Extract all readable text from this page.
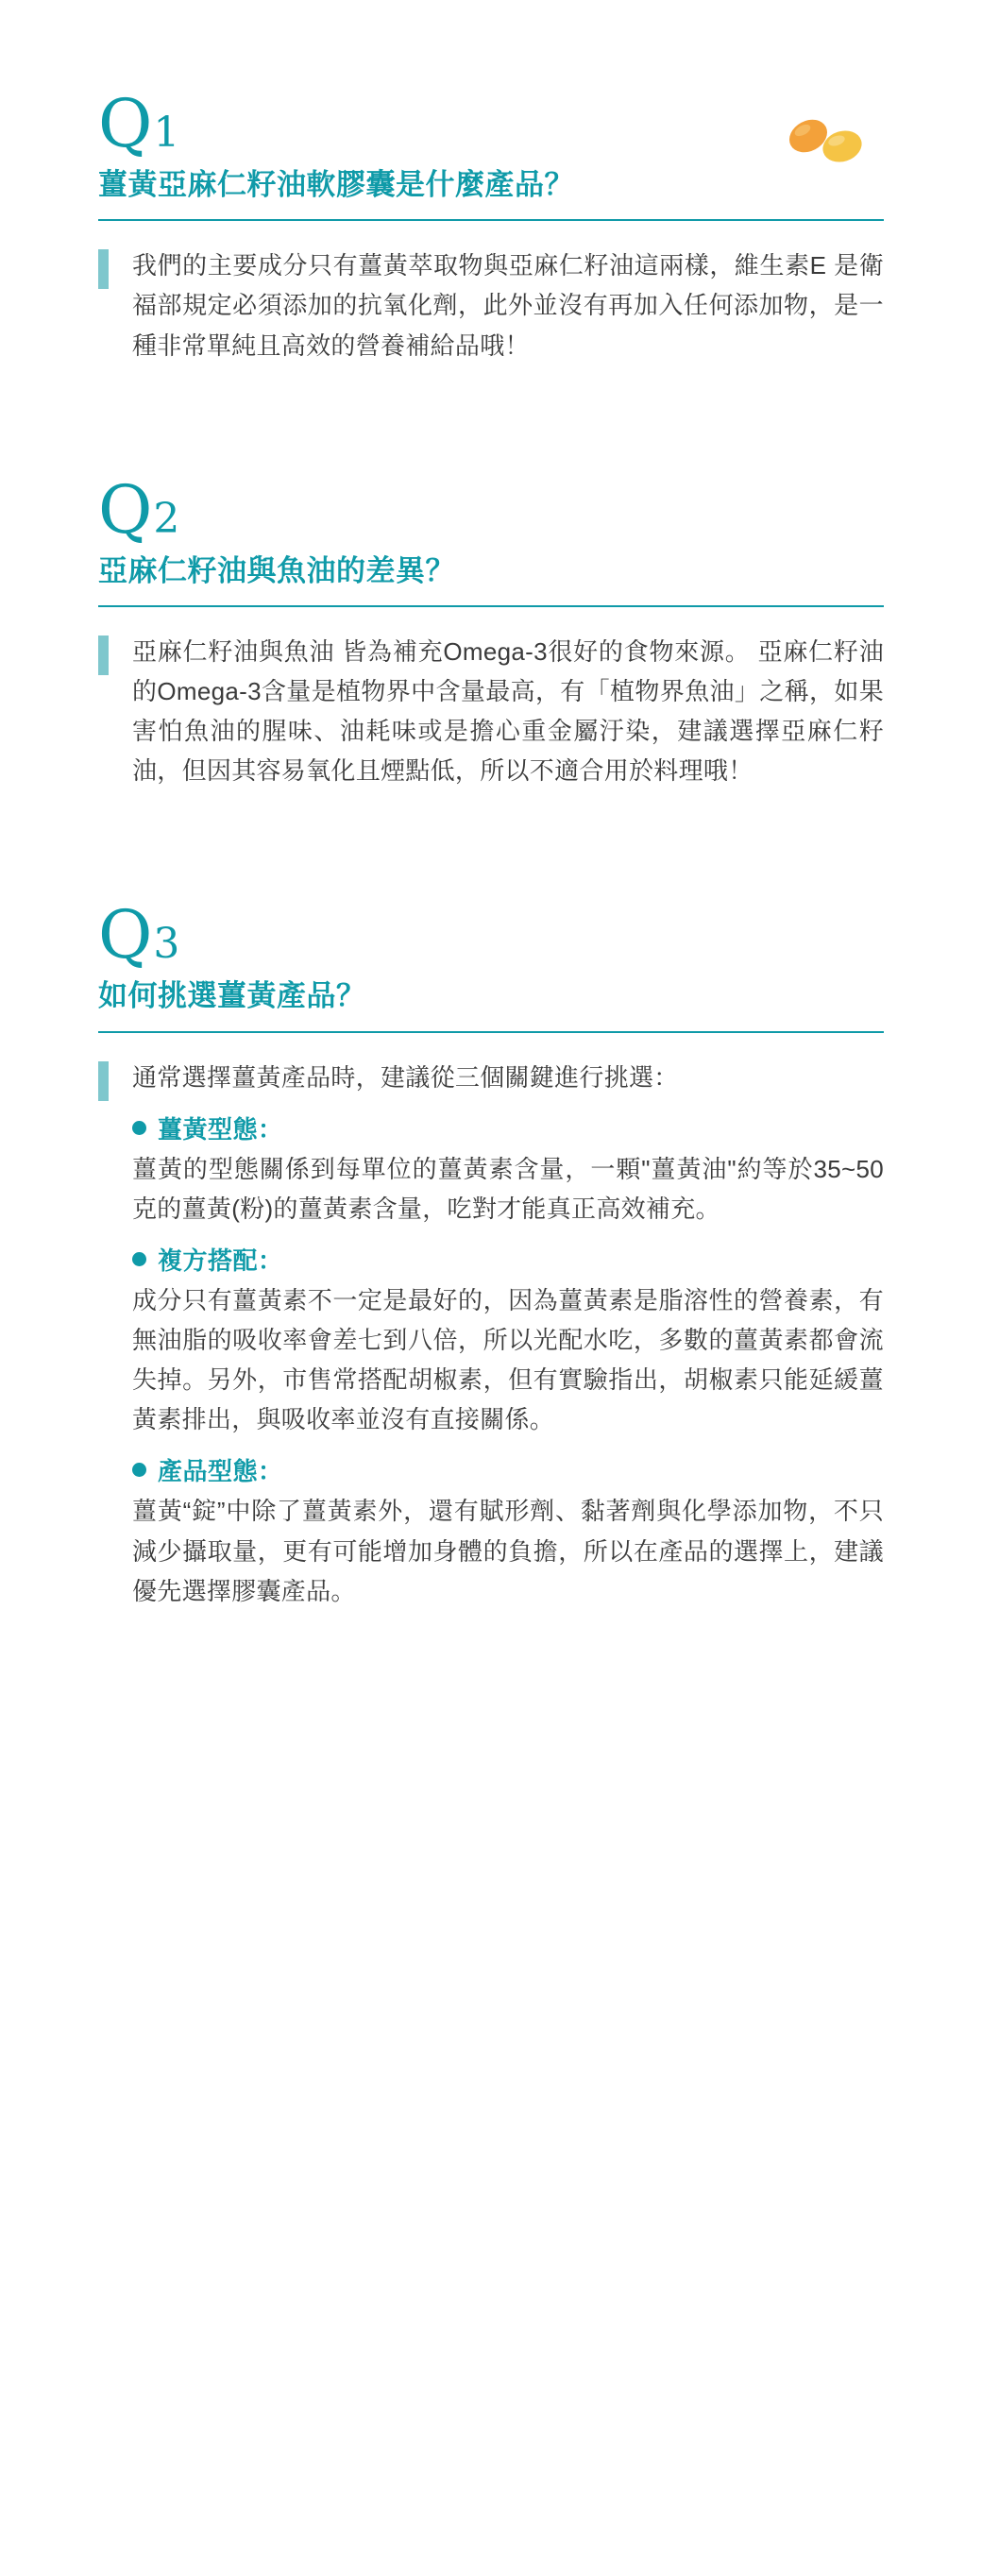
Q 1
薑黃亞麻仁籽油軟膠囊是什麼產品？

我們的主要成分只有薑黃萃取物與亞麻仁籽油這兩樣，維生素E 是衛福部規定必須添加的抗氧化劑，此外並沒有再加入任何添加物，是一種非常單純且高效的營養補給品哦！

Q 2
亞麻仁籽油與魚油的差異？

亞麻仁籽油與魚油 皆為補充Omega-3很好的食物來源。 亞麻仁籽油的Omega-3含量是植物界中含量最高，有「植物界魚油」之稱，如果害怕魚油的腥味、油耗味或是擔心重金屬汙染，建議選擇亞麻仁籽油，但因其容易氧化且煙點低，所以不適合用於料理哦！

Q 3
如何挑選薑黃產品？

通常選擇薑黃產品時，建議從三個關鍵進行挑選：

薑黃型態：

薑黃的型態關係到每單位的薑黃素含量，一顆"薑黃油"約等於35~50克的薑黃(粉)的薑黃素含量，吃對才能真正高效補充。

複方搭配：

成分只有薑黃素不一定是最好的，因為薑黃素是脂溶性的營養素，有無油脂的吸收率會差七到八倍，所以光配水吃，多數的薑黃素都會流失掉。另外，市售常搭配胡椒素，但有實驗指出，胡椒素只能延緩薑黃素排出，與吸收率並沒有直接關係。

產品型態：

薑黃“錠”中除了薑黃素外，還有賦形劑、黏著劑與化學添加物，不只減少攝取量，更有可能增加身體的負擔，所以在產品的選擇上，建議優先選擇膠囊產品。
